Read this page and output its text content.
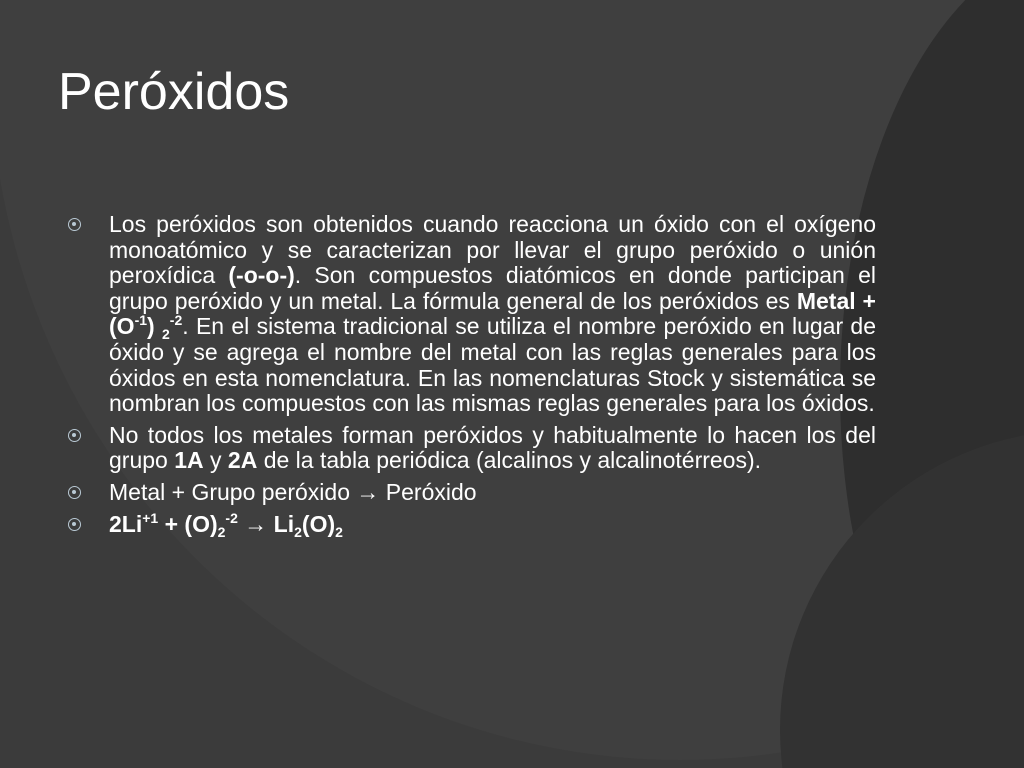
Peróxidos
Los peróxidos son obtenidos cuando reacciona un óxido con el oxígeno monoatómico y se caracterizan por llevar el grupo peróxido o unión peroxídica (-o-o-). Son compuestos diatómicos en donde participan el grupo peróxido y un metal. La fórmula general de los peróxidos es Metal + $(O^{-1})$ $_2^{-2}$. En el sistema tradicional se utiliza el nombre peróxido en lugar de óxido y se agrega el nombre del metal con las reglas generales para los óxidos en esta nomenclatura. En las nomenclaturas Stock y sistemática se nombran los compuestos con las mismas reglas generales para los óxidos.
No todos los metales forman peróxidos y habitualmente lo hacen los del grupo 1A y 2A de la tabla periódica (alcalinos y alcalinotérreos).
Metal + Grupo peróxido → Peróxido
$2Li^{+1} + (O)_2^{-2} \to Li_2(O)_2$
